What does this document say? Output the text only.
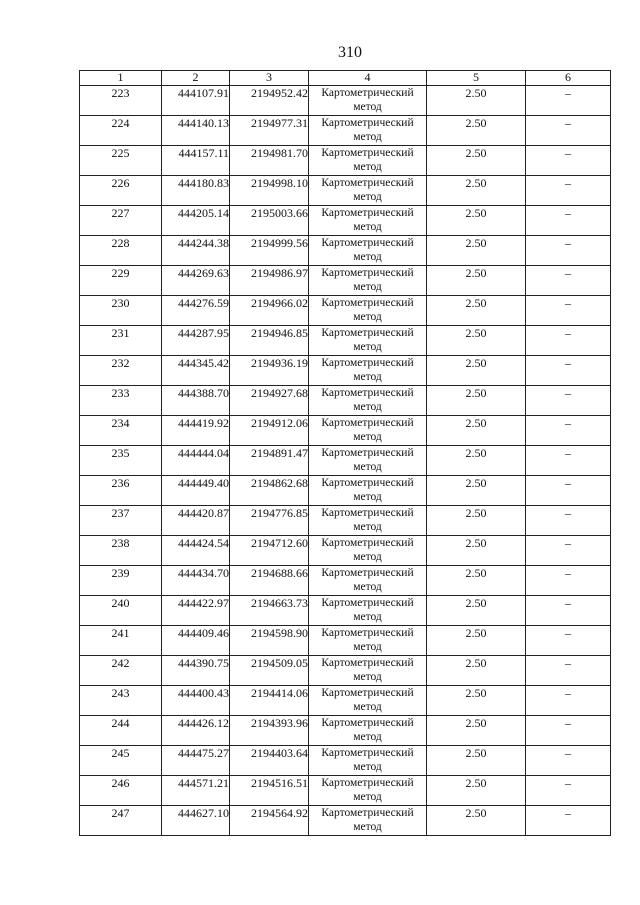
310
1	2	3	4	5	6
223	444107.91	2194952.42	Картометрический метод	2.50	–
224	444140.13	2194977.31	Картометрический метод	2.50	–
225	444157.11	2194981.70	Картометрический метод	2.50	–
226	444180.83	2194998.10	Картометрический метод	2.50	–
227	444205.14	2195003.66	Картометрический метод	2.50	–
228	444244.38	2194999.56	Картометрический метод	2.50	–
229	444269.63	2194986.97	Картометрический метод	2.50	–
230	444276.59	2194966.02	Картометрический метод	2.50	–
231	444287.95	2194946.85	Картометрический метод	2.50	–
232	444345.42	2194936.19	Картометрический метод	2.50	–
233	444388.70	2194927.68	Картометрический метод	2.50	–
234	444419.92	2194912.06	Картометрический метод	2.50	–
235	444444.04	2194891.47	Картометрический метод	2.50	–
236	444449.40	2194862.68	Картометрический метод	2.50	–
237	444420.87	2194776.85	Картометрический метод	2.50	–
238	444424.54	2194712.60	Картометрический метод	2.50	–
239	444434.70	2194688.66	Картометрический метод	2.50	–
240	444422.97	2194663.73	Картометрический метод	2.50	–
241	444409.46	2194598.90	Картометрический метод	2.50	–
242	444390.75	2194509.05	Картометрический метод	2.50	–
243	444400.43	2194414.06	Картометрический метод	2.50	–
244	444426.12	2194393.96	Картометрический метод	2.50	–
245	444475.27	2194403.64	Картометрический метод	2.50	–
246	444571.21	2194516.51	Картометрический метод	2.50	–
247	444627.10	2194564.92	Картометрический метод	2.50	–
